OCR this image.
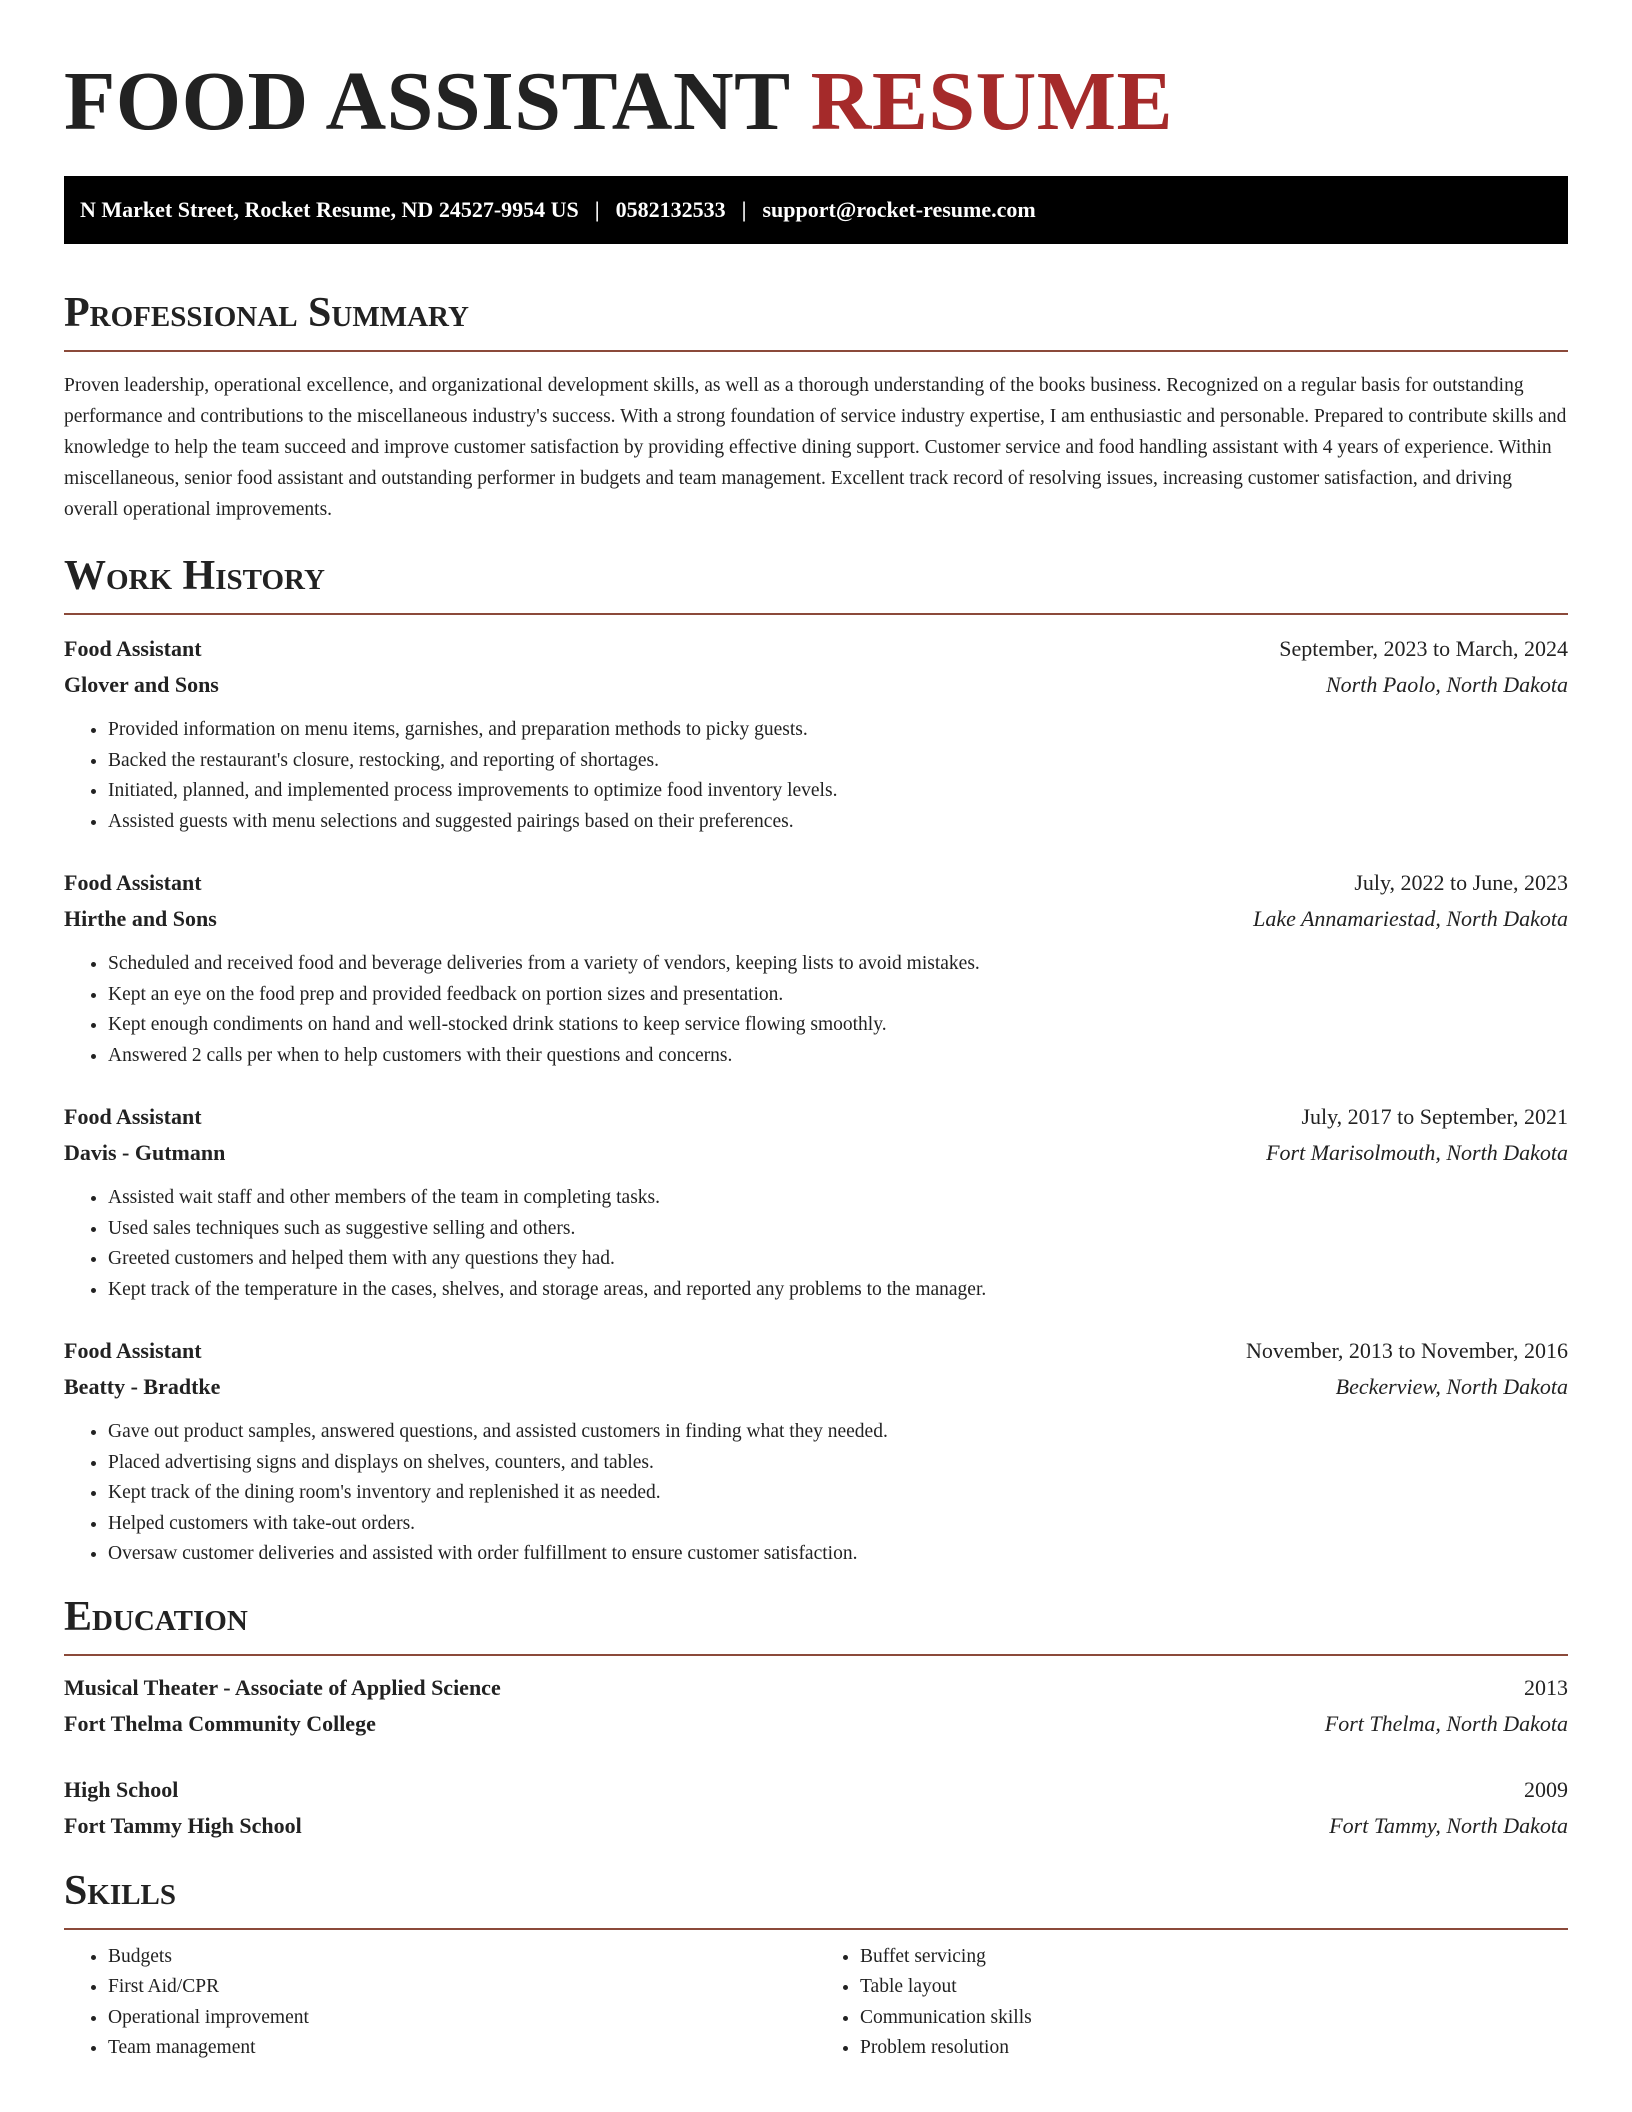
FOOD ASSISTANT RESUME
N Market Street, Rocket Resume, ND 24527-9954 US | 0582132533 | support@rocket-resume.com
Professional Summary

Proven leadership, operational excellence, and organizational development skills, as well as a thorough understanding of the books business. Recognized on a regular basis for outstanding performance and contributions to the miscellaneous industry's success. With a strong foundation of service industry expertise, I am enthusiastic and personable. Prepared to contribute skills and knowledge to help the team succeed and improve customer satisfaction by providing effective dining support. Customer service and food handling assistant with 4 years of experience. Within miscellaneous, senior food assistant and outstanding performer in budgets and team management. Excellent track record of resolving issues, increasing customer satisfaction, and driving overall operational improvements.

Work History
Food Assistant	September, 2023 to March, 2024
Glover and Sons	North Paolo, North Dakota
• Provided information on menu items, garnishes, and preparation methods to picky guests.
• Backed the restaurant's closure, restocking, and reporting of shortages.
• Initiated, planned, and implemented process improvements to optimize food inventory levels.
• Assisted guests with menu selections and suggested pairings based on their preferences.
Food Assistant	July, 2022 to June, 2023
Hirthe and Sons	Lake Annamariestad, North Dakota
• Scheduled and received food and beverage deliveries from a variety of vendors, keeping lists to avoid mistakes.
• Kept an eye on the food prep and provided feedback on portion sizes and presentation.
• Kept enough condiments on hand and well-stocked drink stations to keep service flowing smoothly.
• Answered 2 calls per when to help customers with their questions and concerns.
Food Assistant	July, 2017 to September, 2021
Davis - Gutmann	Fort Marisolmouth, North Dakota
• Assisted wait staff and other members of the team in completing tasks.
• Used sales techniques such as suggestive selling and others.
• Greeted customers and helped them with any questions they had.
• Kept track of the temperature in the cases, shelves, and storage areas, and reported any problems to the manager.
Food Assistant	November, 2013 to November, 2016
Beatty - Bradtke	Beckerview, North Dakota
• Gave out product samples, answered questions, and assisted customers in finding what they needed.
• Placed advertising signs and displays on shelves, counters, and tables.
• Kept track of the dining room's inventory and replenished it as needed.
• Helped customers with take-out orders.
• Oversaw customer deliveries and assisted with order fulfillment to ensure customer satisfaction.
Education
Musical Theater - Associate of Applied Science	2013
Fort Thelma Community College	Fort Thelma, North Dakota
High School	2009
Fort Tammy High School	Fort Tammy, North Dakota
Skills
• Budgets
• First Aid/CPR
• Operational improvement
• Team management
• Buffet servicing
• Table layout
• Communication skills
• Problem resolution
